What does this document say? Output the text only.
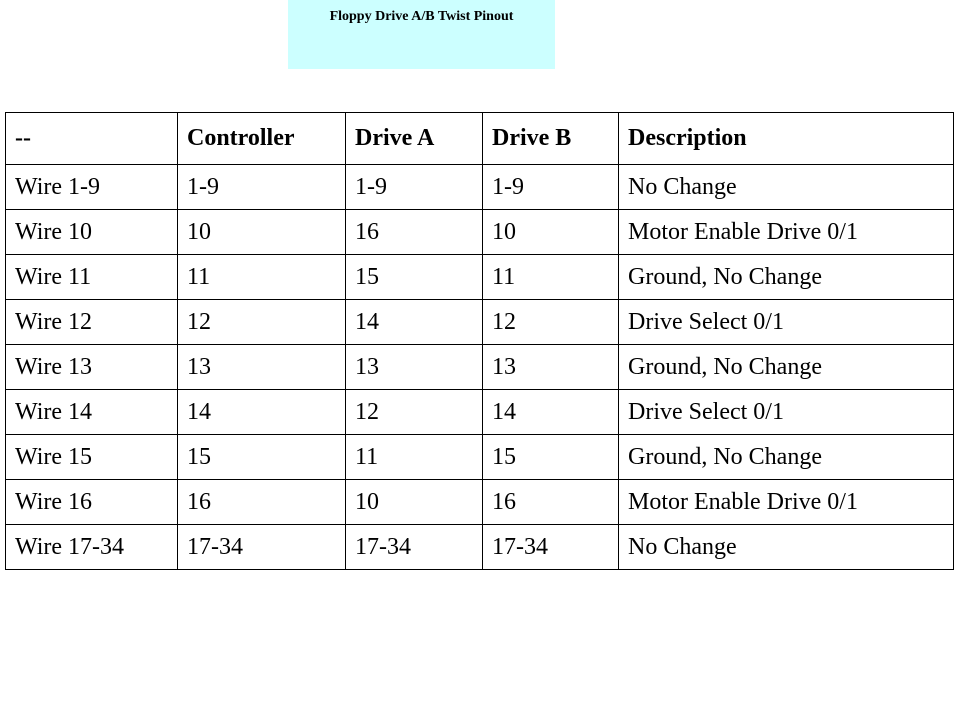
Floppy Drive A/B Twist Pinout
--	Controller	Drive A	Drive B	Description
Wire 1-9	1-9	1-9	1-9	No Change
Wire 10	10	16	10	Motor Enable Drive 0/1
Wire 11	11	15	11	Ground, No Change
Wire 12	12	14	12	Drive Select 0/1
Wire 13	13	13	13	Ground, No Change
Wire 14	14	12	14	Drive Select 0/1
Wire 15	15	11	15	Ground, No Change
Wire 16	16	10	16	Motor Enable Drive 0/1
Wire 17-34	17-34	17-34	17-34	No Change
